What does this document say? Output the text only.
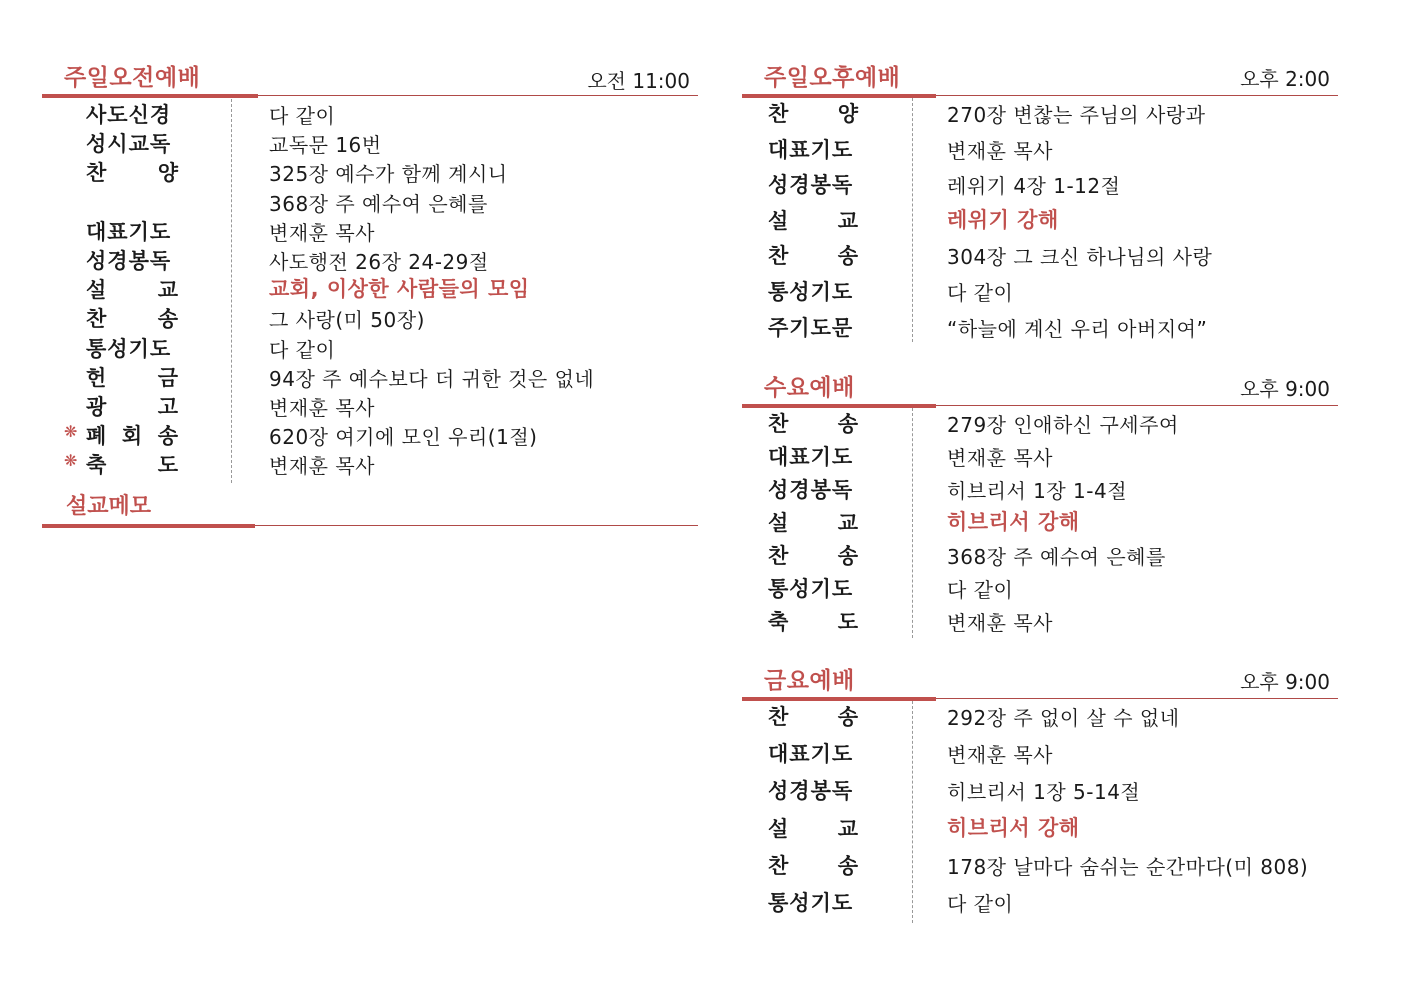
주일오전예배	오전 11:00
사도신경	다 같이
성시교독	교독문 16번
찬 양	325장 예수가 함께 계시니
368장 주 예수여 은혜를
대표기도	변재훈 목사
성경봉독	사도행전 26장 24-29절
설 교	교회, 이상한 사람들의 모임
찬 송	그 사랑(미 50장)
통성기도	다 같이
헌 금	94장 주 예수보다 더 귀한 것은 없네
광 고	변재훈 목사
❋ 폐 회 송	620장 여기에 모인 우리(1절)
❋ 축 도	변재훈 목사
설교메모
주일오후예배	오후 2:00
찬 양	270장 변찮는 주님의 사랑과
대표기도	변재훈 목사
성경봉독	레위기 4장 1-12절
설 교	레위기 강해
찬 송	304장 그 크신 하나님의 사랑
통성기도	다 같이
주기도문	“하늘에 계신 우리 아버지여”
수요예배	오후 9:00
찬 송	279장 인애하신 구세주여
대표기도	변재훈 목사
성경봉독	히브리서 1장 1-4절
설 교	히브리서 강해
찬 송	368장 주 예수여 은혜를
통성기도	다 같이
축 도	변재훈 목사
금요예배	오후 9:00
찬 송	292장 주 없이 살 수 없네
대표기도	변재훈 목사
성경봉독	히브리서 1장 5-14절
설 교	히브리서 강해
찬 송	178장 날마다 숨쉬는 순간마다(미 808)
통성기도	다 같이
